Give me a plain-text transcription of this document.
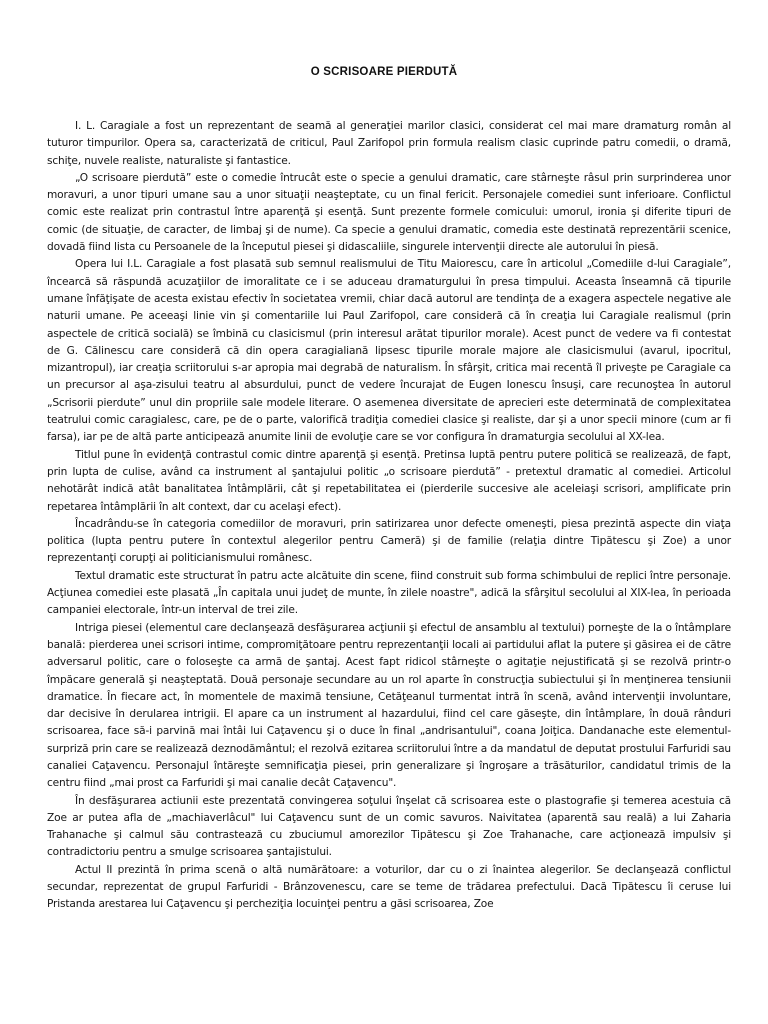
O SCRISOARE PIERDUTĂ

I. L. Caragiale a fost un reprezentant de seamă al generaţiei marilor clasici, considerat cel mai mare dramaturg român al tuturor timpurilor. Opera sa, caracterizată de criticul, Paul Zarifopol prin formula realism clasic cuprinde patru comedii, o dramă, schiţe, nuvele realiste, naturaliste şi fantastice.

„O scrisoare pierdută” este o comedie întrucât este o specie a genului dramatic, care stârneşte râsul prin surprinderea unor moravuri, a unor tipuri umane sau a unor situaţii neaşteptate, cu un final fericit. Personajele comediei sunt inferioare. Conflictul comic este realizat prin contrastul între aparenţă şi esenţă. Sunt prezente formele comicului: umorul, ironia şi diferite tipuri de comic (de situaţie, de caracter, de limbaj şi de nume). Ca specie a genului dramatic, comedia este destinată reprezentării scenice, dovadă fiind lista cu Persoanele de la începutul piesei şi didascaliile, singurele intervenţii directe ale autorului în piesă.

Opera lui I.L. Caragiale a fost plasată sub semnul realismului de Titu Maiorescu, care în articolul „Comediile d-lui Caragiale”, încearcă să răspundă acuzaţiilor de imoralitate ce i se aduceau dramaturgului în presa timpului. Aceasta înseamnă că tipurile umane înfăţişate de acesta existau efectiv în societatea vremii, chiar dacă autorul are tendinţa de a exagera aspectele negative ale naturii umane. Pe aceeaşi linie vin şi comentariile lui Paul Zarifopol, care consideră că în creaţia lui Caragiale realismul (prin aspectele de critică socială) se îmbină cu clasicismul (prin interesul arătat tipurilor morale). Acest punct de vedere va fi contestat de G. Călinescu care consideră că din opera caragialiană lipsesc tipurile morale majore ale clasicismului (avarul, ipocritul, mizantropul), iar creaţia scriitorului s-ar apropia mai degrabă de naturalism. În sfârşit, critica mai recentă îl priveşte pe Caragiale ca un precursor al aşa-zisului teatru al absurdului, punct de vedere încurajat de Eugen Ionescu însuşi, care recunoştea în autorul „Scrisorii pierdute” unul din propriile sale modele literare. O asemenea diversitate de aprecieri este determinată de complexitatea teatrului comic caragialesc, care, pe de o parte, valorifică tradiţia comediei clasice şi realiste, dar şi a unor specii minore (cum ar fi farsa), iar pe de altă parte anticipează anumite linii de evoluţie care se vor configura în dramaturgia secolului al XX-lea.

Titlul pune în evidenţă contrastul comic dintre aparenţă şi esenţă. Pretinsa luptă pentru putere politică se realizează, de fapt, prin lupta de culise, având ca instrument al şantajului politic „o scrisoare pierdută” - pretextul dramatic al comediei. Articolul nehotărât indică atât banalitatea întâmplării, cât şi repetabilitatea ei (pierderile succesive ale aceleiaşi scrisori, amplificate prin repetarea întâmplării în alt context, dar cu acelaşi efect).

Încadrându-se în categoria comediilor de moravuri, prin satirizarea unor defecte omeneşti, piesa prezintă aspecte din viaţa politica (lupta pentru putere în contextul alegerilor pentru Cameră) şi de familie (relaţia dintre Tipătescu şi Zoe) a unor reprezentanţi corupţi ai politicianismului românesc.

Textul dramatic este structurat în patru acte alcătuite din scene, fiind construit sub forma schimbului de replici între personaje. Acţiunea comediei este plasată „În capitala unui judeţ de munte, în zilele noastre", adică la sfârşitul secolului al XIX-lea, în perioada campaniei electorale, într-un interval de trei zile.

Intriga piesei (elementul care declanşează desfăşurarea acţiunii şi efectul de ansamblu al textului) porneşte de la o întâmplare banală: pierderea unei scrisori intime, compromiţătoare pentru reprezentanţii locali ai partidului aflat la putere şi găsirea ei de către adversarul politic, care o foloseşte ca armă de şantaj. Acest fapt ridicol stârneşte o agitaţie nejustificată şi se rezolvă printr-o împăcare generală şi neaşteptată. Două personaje secundare au un rol aparte în construcţia subiectului şi în menţinerea tensiunii dramatice. În fiecare act, în momentele de maximă tensiune, Cetăţeanul turmentat intră în scenă, având intervenţii involuntare, dar decisive în derularea intrigii. El apare ca un instrument al hazardului, fiind cel care găseşte, din întâmplare, în două rânduri scrisoarea, face să-i parvină mai întâi lui Caţavencu şi o duce în final „andrisantului", coana Joiţica. Dandanache este elementul-surpriză prin care se realizează deznodământul; el rezolvă ezitarea scriitorului între a da mandatul de deputat prostului Farfuridi sau canaliei Caţavencu. Personajul întăreşte semnificaţia piesei, prin generalizare şi îngroşare a trăsăturilor, candidatul trimis de la centru fiind „mai prost ca Farfuridi şi mai canalie decât Caţavencu".

În desfăşurarea actiunii este prezentată convingerea soţului înşelat că scrisoarea este o plastografie şi temerea acestuia că Zoe ar putea afla de „machiaverlâcul" lui Caţavencu sunt de un comic savuros. Naivitatea (aparentă sau reală) a lui Zaharia Trahanache şi calmul său contrastează cu zbuciumul amorezilor Tipătescu şi Zoe Trahanache, care acţionează impulsiv şi contradictoriu pentru a smulge scrisoarea şantajistului.

Actul II prezintă în prima scenă o altă numărătoare: a voturilor, dar cu o zi înaintea alegerilor. Se declanşează conflictul secundar, reprezentat de grupul Farfuridi - Brânzovenescu, care se teme de trădarea prefectului. Dacă Tipătescu îi ceruse lui Pristanda arestarea lui Caţavencu şi percheziţia locuinţei pentru a găsi scrisoarea, Zoe
